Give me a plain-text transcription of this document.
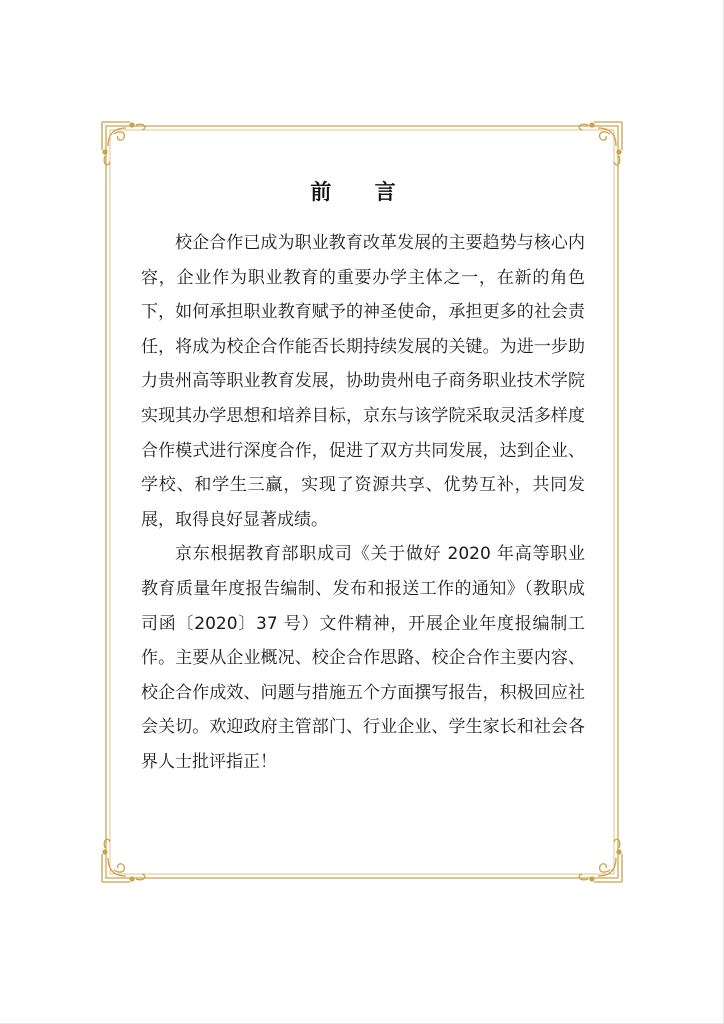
前 言

校企合作已成为职业教育改革发展的主要趋势与核心内容，企业作为职业教育的重要办学主体之一，在新的角色下，如何承担职业教育赋予的神圣使命，承担更多的社会责任，将成为校企合作能否长期持续发展的关键。为进一步助力贵州高等职业教育发展，协助贵州电子商务职业技术学院实现其办学思想和培养目标，京东与该学院采取灵活多样度合作模式进行深度合作，促进了双方共同发展，达到企业、学校、和学生三赢，实现了资源共享、优势互补，共同发展，取得良好显著成绩。

京东根据教育部职成司《关于做好 2020 年高等职业教育质量年度报告编制、发布和报送工作的通知》（教职成司函〔2020〕37 号）文件精神，开展企业年度报编制工作。主要从企业概况、校企合作思路、校企合作主要内容、校企合作成效、问题与措施五个方面撰写报告，积极回应社会关切。欢迎政府主管部门、行业企业、学生家长和社会各界人士批评指正！
